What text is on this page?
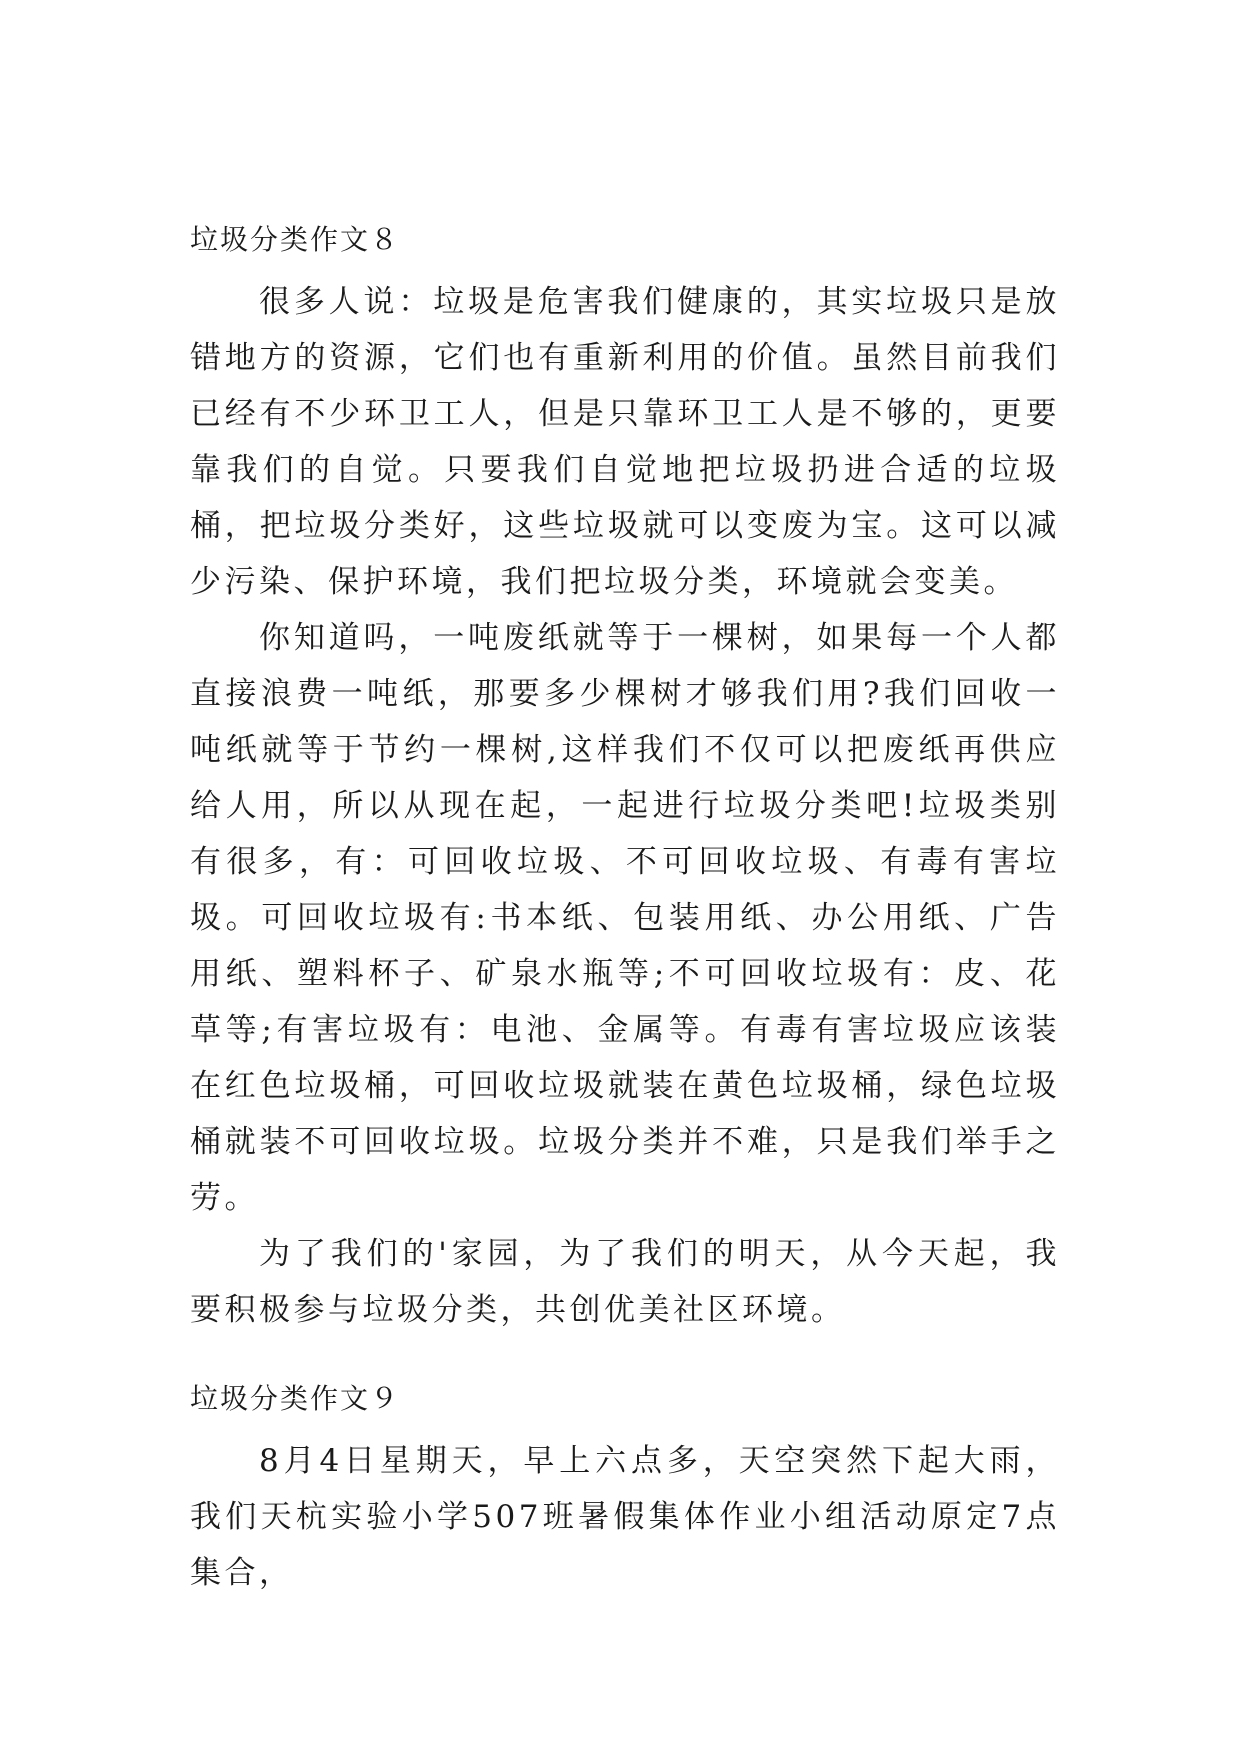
垃圾分类作文８

很多人说：垃圾是危害我们健康的，其实垃圾只是放错地方的资源，它们也有重新利用的价值。虽然目前我们已经有不少环卫工人，但是只靠环卫工人是不够的，更要靠我们的自觉。只要我们自觉地把垃圾扔进合适的垃圾桶，把垃圾分类好，这些垃圾就可以变废为宝。这可以减少污染、保护环境，我们把垃圾分类，环境就会变美。

你知道吗，一吨废纸就等于一棵树，如果每一个人都直接浪费一吨纸，那要多少棵树才够我们用?我们回收一吨纸就等于节约一棵树,这样我们不仅可以把废纸再供应给人用，所以从现在起，一起进行垃圾分类吧!垃圾类别有很多，有：可回收垃圾、不可回收垃圾、有毒有害垃圾。可回收垃圾有:书本纸、包装用纸、办公用纸、广告用纸、塑料杯子、矿泉水瓶等;不可回收垃圾有：皮、花草等;有害垃圾有：电池、金属等。有毒有害垃圾应该装在红色垃圾桶，可回收垃圾就装在黄色垃圾桶，绿色垃圾桶就装不可回收垃圾。垃圾分类并不难，只是我们举手之劳。

为了我们的'家园，为了我们的明天，从今天起，我要积极参与垃圾分类，共创优美社区环境。

垃圾分类作文９

8月4日星期天，早上六点多，天空突然下起大雨，我们天杭实验小学507班暑假集体作业小组活动原定7点集合，
